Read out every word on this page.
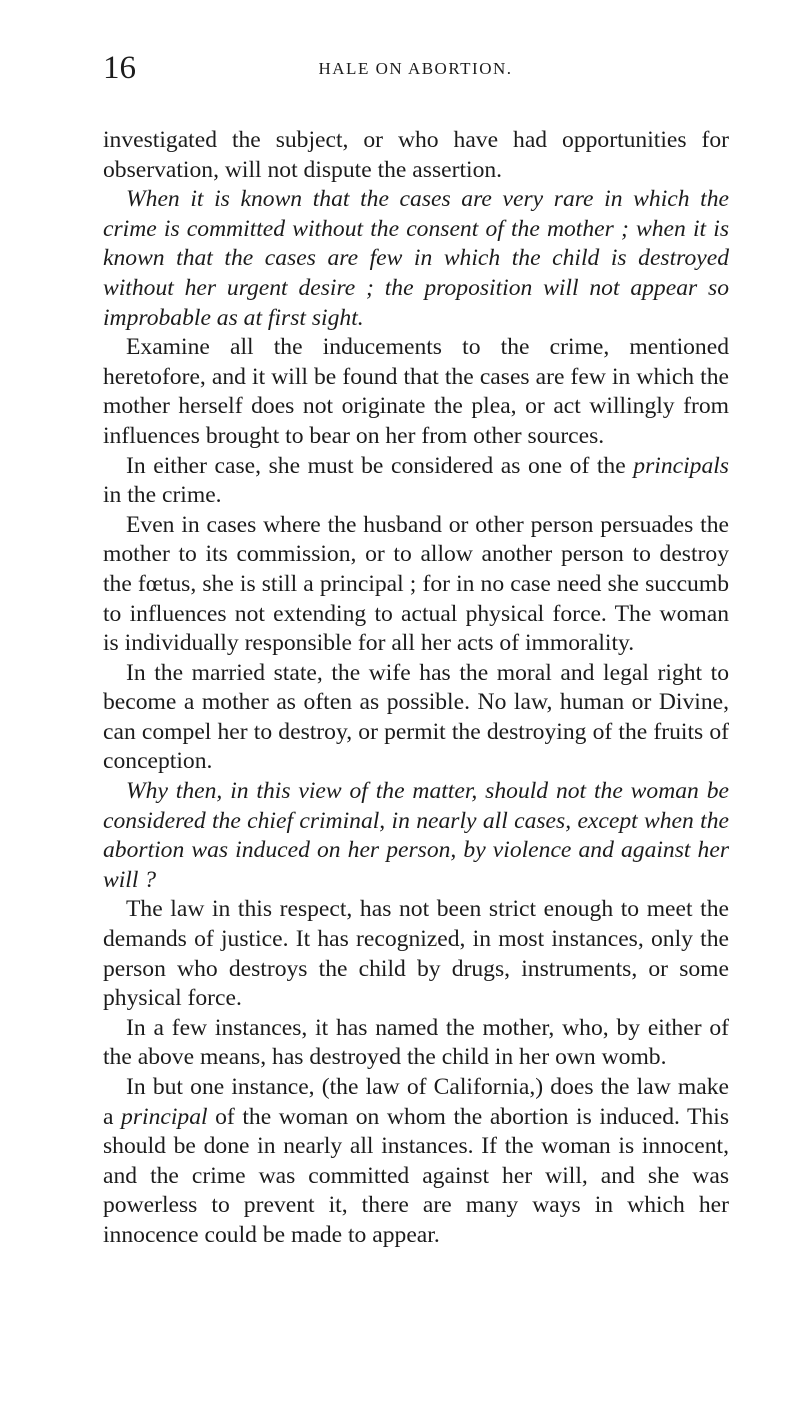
16	HALE ON ABORTION.

investigated the subject, or who have had opportunities for observation, will not dispute the assertion.

When it is known that the cases are very rare in which the crime is committed without the consent of the mother ; when it is known that the cases are few in which the child is destroyed without her urgent desire ; the proposition will not appear so improbable as at first sight.

Examine all the inducements to the crime, mentioned heretofore, and it will be found that the cases are few in which the mother herself does not originate the plea, or act willingly from influences brought to bear on her from other sources.

In either case, she must be considered as one of the principals in the crime.

Even in cases where the husband or other person persuades the mother to its commission, or to allow another person to destroy the fœtus, she is still a principal ; for in no case need she succumb to influences not extending to actual physical force. The woman is individually responsible for all her acts of immorality.

In the married state, the wife has the moral and legal right to become a mother as often as possible. No law, human or Divine, can compel her to destroy, or permit the destroying of the fruits of conception.

Why then, in this view of the matter, should not the woman be considered the chief criminal, in nearly all cases, except when the abortion was induced on her person, by violence and against her will ?

The law in this respect, has not been strict enough to meet the demands of justice. It has recognized, in most instances, only the person who destroys the child by drugs, instruments, or some physical force.

In a few instances, it has named the mother, who, by either of the above means, has destroyed the child in her own womb.

In but one instance, (the law of California,) does the law make a principal of the woman on whom the abortion is induced. This should be done in nearly all instances. If the woman is innocent, and the crime was committed against her will, and she was powerless to prevent it, there are many ways in which her innocence could be made to appear.
